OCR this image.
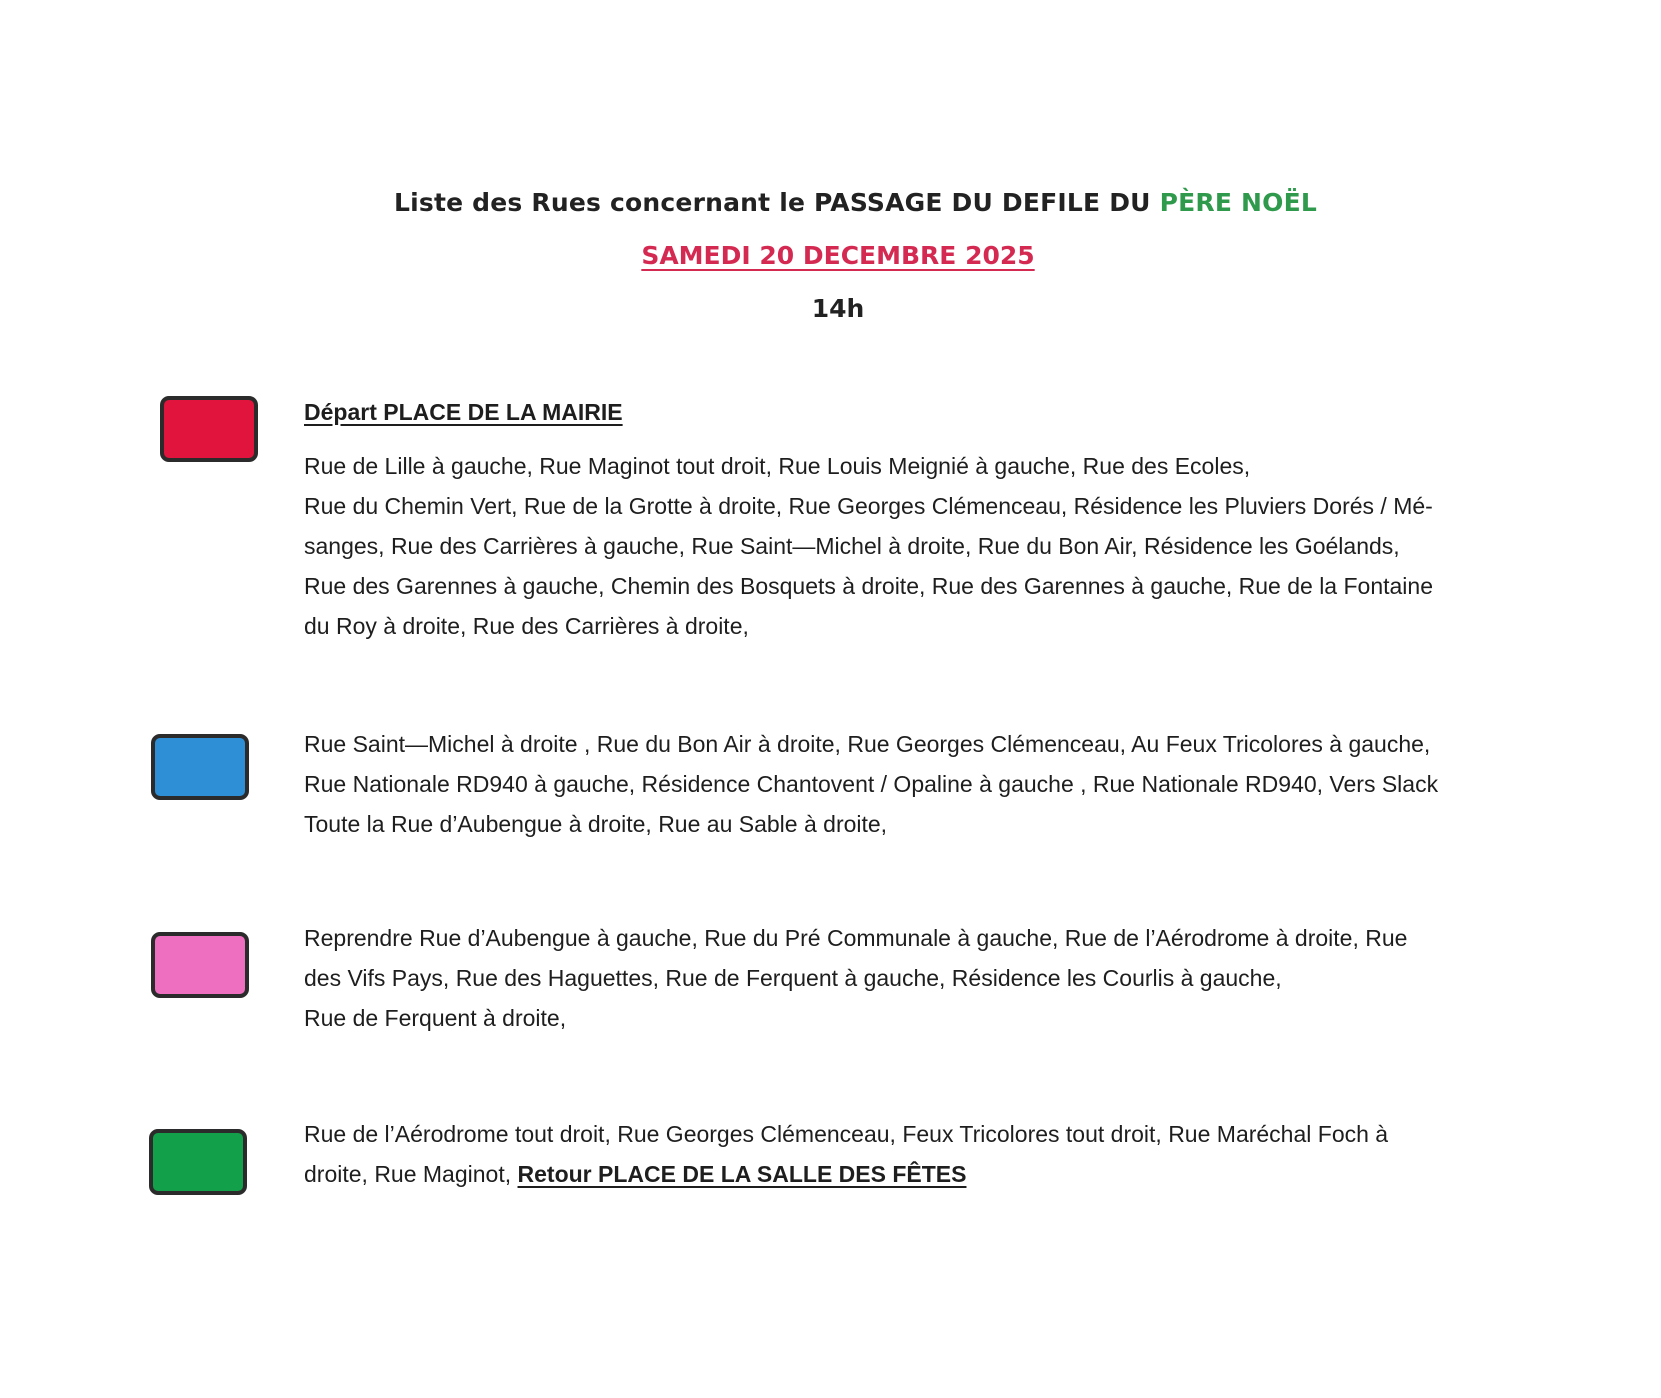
Liste des Rues concernant le PASSAGE DU DEFILE DU PÈRE NOËL
SAMEDI 20 DECEMBRE 2025
14h

Départ PLACE DE LA MAIRIE

Rue de Lille à gauche, Rue Maginot tout droit, Rue Louis Meignié à gauche, Rue des Ecoles,

Rue du Chemin Vert, Rue de la Grotte à droite, Rue Georges Clémenceau, Résidence les Pluviers Dorés / Mé-

sanges, Rue des Carrières à gauche, Rue Saint—Michel à droite, Rue du Bon Air, Résidence les Goélands,

Rue des Garennes à gauche, Chemin des Bosquets à droite, Rue des Garennes à gauche, Rue de la Fontaine

du Roy à droite, Rue des Carrières à droite,

Rue Saint—Michel à droite , Rue du Bon Air à droite, Rue Georges Clémenceau, Au Feux Tricolores à gauche,

Rue Nationale RD940 à gauche, Résidence Chantovent / Opaline à gauche , Rue Nationale RD940, Vers Slack

Toute la Rue d’Aubengue à droite, Rue au Sable à droite,

Reprendre Rue d’Aubengue à gauche, Rue du Pré Communale à gauche, Rue de l’Aérodrome à droite, Rue

des Vifs Pays, Rue des Haguettes, Rue de Ferquent à gauche, Résidence les Courlis à gauche,

Rue de Ferquent à droite,

Rue de l’Aérodrome tout droit, Rue Georges Clémenceau, Feux Tricolores tout droit, Rue Maréchal Foch à

droite, Rue Maginot, Retour PLACE DE LA SALLE DES FÊTES
